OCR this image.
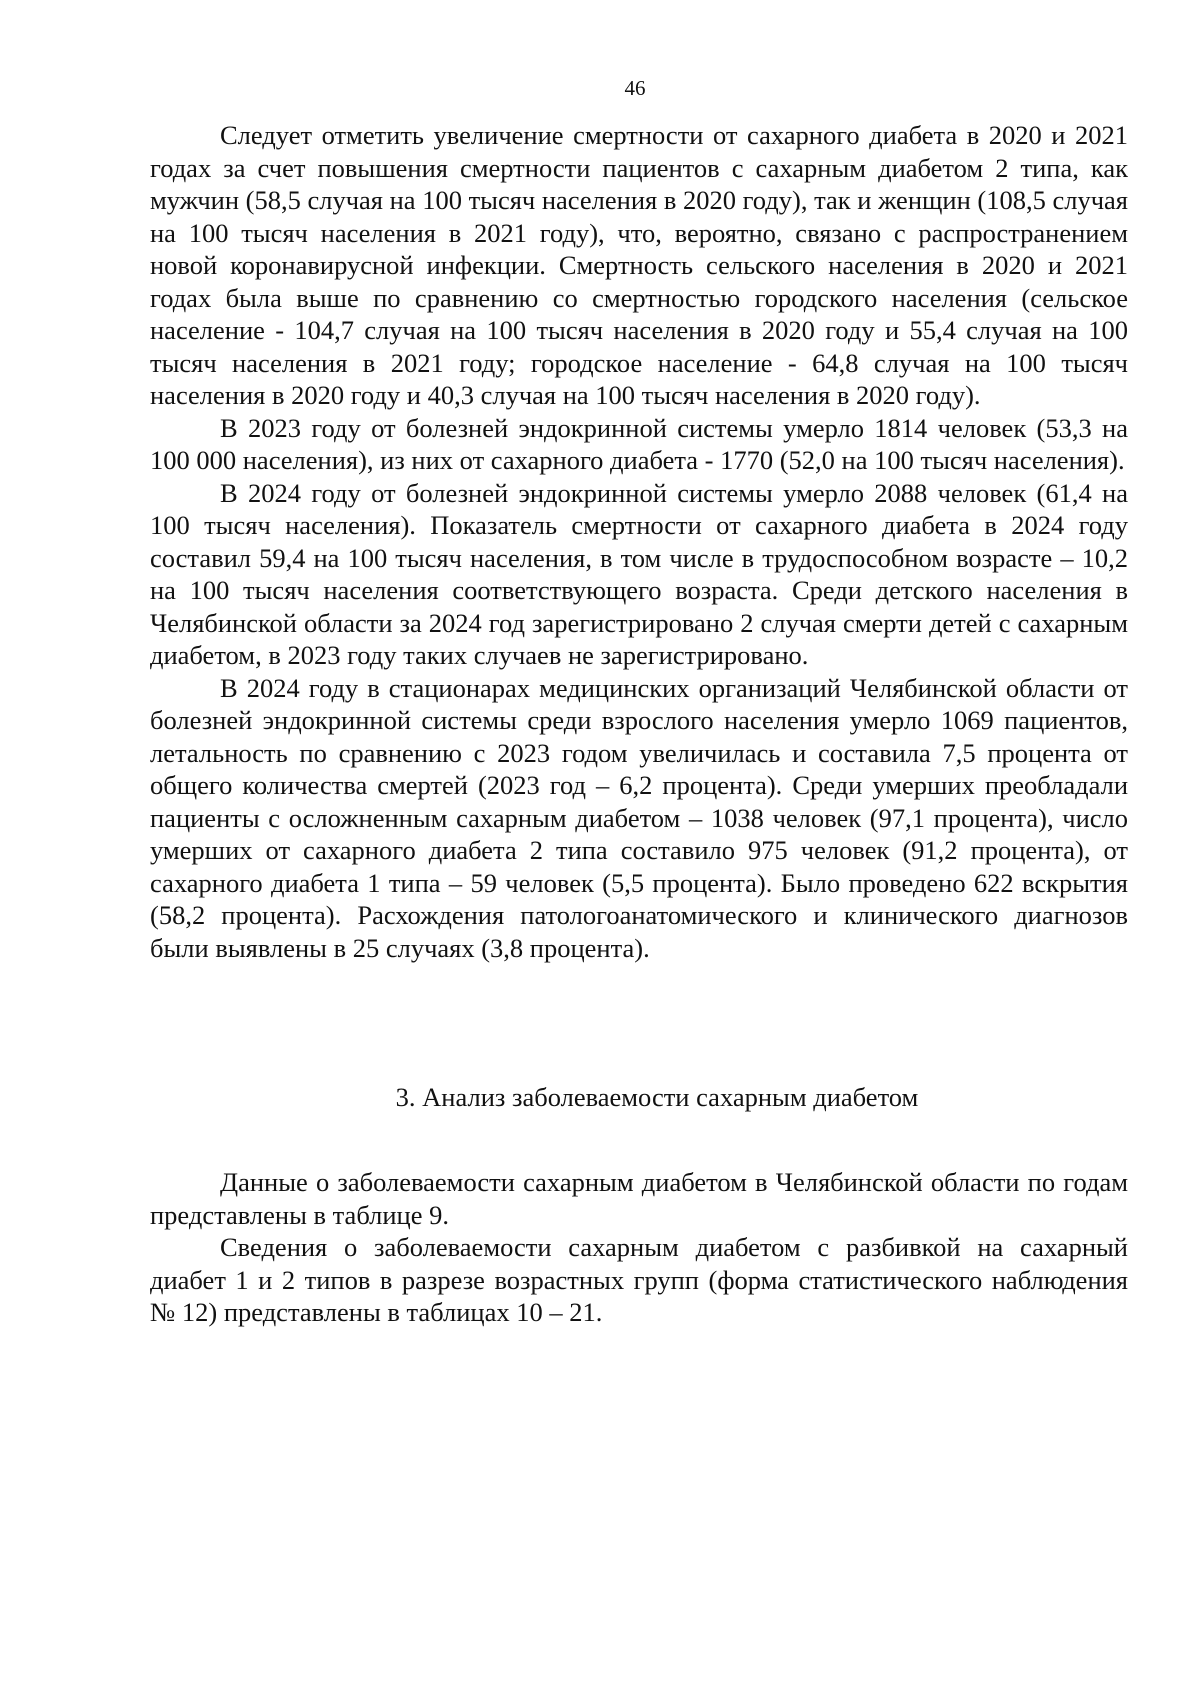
46

Следует отметить увеличение смертности от сахарного диабета в 2020 и 2021 годах за счет повышения смертности пациентов с сахарным диабетом 2 типа, как мужчин (58,5 случая на 100 тысяч населения в 2020 году), так и женщин (108,5 случая на 100 тысяч населения в 2021 году), что, вероятно, связано с распространением новой коронавирусной инфекции. Смертность сельского населения в 2020 и 2021 годах была выше по сравнению со смертностью городского населения (сельское население - 104,7 случая на 100 тысяч населения в 2020 году и 55,4 случая на 100 тысяч населения в 2021 году; городское население - 64,8 случая на 100 тысяч населения в 2020 году и 40,3 случая на 100 тысяч населения в 2020 году).

В 2023 году от болезней эндокринной системы умерло 1814 человек (53,3 на 100 000 населения), из них от сахарного диабета - 1770 (52,0 на 100 тысяч населения).

В 2024 году от болезней эндокринной системы умерло 2088 человек (61,4 на 100 тысяч населения). Показатель смертности от сахарного диабета в 2024 году составил 59,4 на 100 тысяч населения, в том числе в трудоспособном возрасте – 10,2 на 100 тысяч населения соответствующего возраста. Среди детского населения в Челябинской области за 2024 год зарегистрировано 2 случая смерти детей с сахарным диабетом, в 2023 году таких случаев не зарегистрировано.

В 2024 году в стационарах медицинских организаций Челябинской области от болезней эндокринной системы среди взрослого населения умерло 1069 пациентов, летальность по сравнению с 2023 годом увеличилась и составила 7,5 процента от общего количества смертей (2023 год – 6,2 процента). Среди умерших преобладали пациенты с осложненным сахарным диабетом – 1038 человек (97,1 процента), число умерших от сахарного диабета 2 типа составило 975 человек (91,2 процента), от сахарного диабета 1 типа – 59 человек (5,5 процента). Было проведено 622 вскрытия (58,2 процента). Расхождения патологоанатомического и клинического диагнозов были выявлены в 25 случаях (3,8 процента).

3. Анализ заболеваемости сахарным диабетом

Данные о заболеваемости сахарным диабетом в Челябинской области по годам представлены в таблице 9.

Сведения о заболеваемости сахарным диабетом с разбивкой на сахарный диабет 1 и 2 типов в разрезе возрастных групп (форма статистического наблюдения № 12) представлены в таблицах 10 – 21.
